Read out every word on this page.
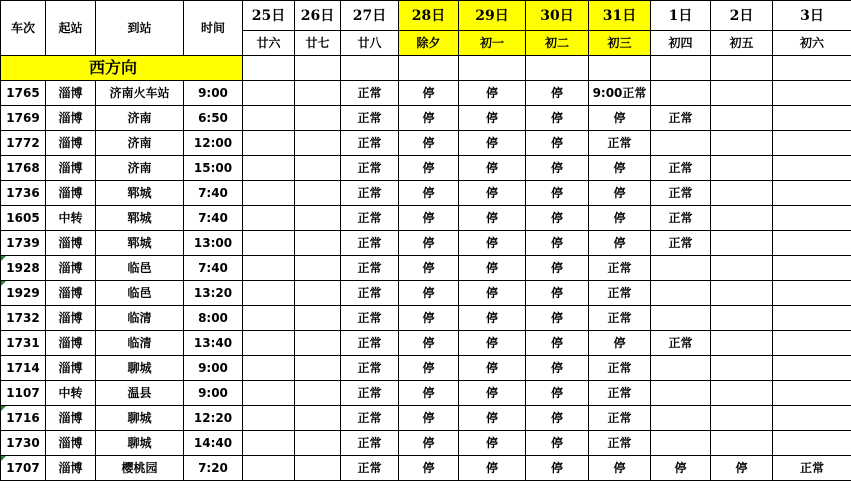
车次	起站	到站	时间	25日	26日	27日	28日	29日	30日	31日	1日	2日	3日
				廿六	廿七	廿八	除夕	初一	初二	初三	初四	初五	初六
西方向													
1765	淄博	济南火车站	9:00			正常	停	停	停	9:00正常			
1769	淄博	济南	6:50			正常	停	停	停	停	正常		
1772	淄博	济南	12:00			正常	停	停	停	正常			
1768	淄博	济南	15:00			正常	停	停	停	停	正常		
1736	淄博	郓城	7:40			正常	停	停	停	停	正常		
1605	中转	郓城	7:40			正常	停	停	停	停	正常		
1739	淄博	郓城	13:00			正常	停	停	停	停	正常		
1928	淄博	临邑	7:40			正常	停	停	停	正常			
1929	淄博	临邑	13:20			正常	停	停	停	正常			
1732	淄博	临清	8:00			正常	停	停	停	正常			
1731	淄博	临清	13:40			正常	停	停	停	停	正常		
1714	淄博	聊城	9:00			正常	停	停	停	正常			
1107	中转	温县	9:00			正常	停	停	停	正常			
1716	淄博	聊城	12:20			正常	停	停	停	正常			
1730	淄博	聊城	14:40			正常	停	停	停	正常			
1707	淄博	樱桃园	7:20			正常	停	停	停	停	停	停	正常
